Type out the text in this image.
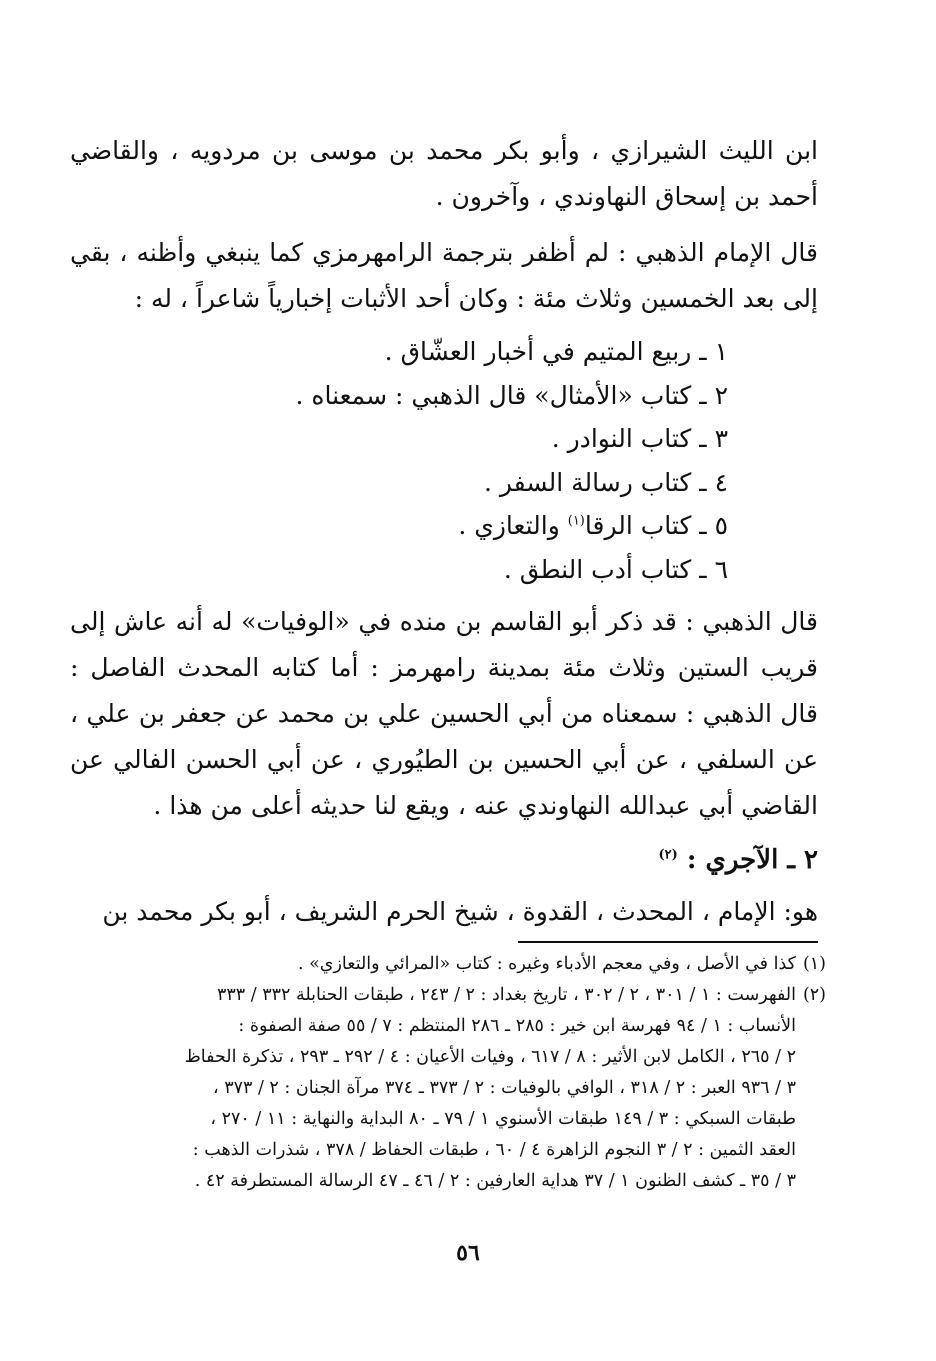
ابن الليث الشيرازي ، وأبو بكر محمد بن موسى بن مردويه ، والقاضي أحمد بن إسحاق النهاوندي ، وآخرون .

قال الإمام الذهبي : لم أظفر بترجمة الرامهرمزي كما ينبغي وأظنه ، بقي إلى بعد الخمسين وثلاث مئة : وكان أحد الأثبات إخبارياً شاعراً ، له :

١ ـ ربيع المتيم في أخبار العشّاق .
٢ ـ كتاب «الأمثال» قال الذهبي : سمعناه .
٣ ـ كتاب النوادر .
٤ ـ كتاب رسالة السفر .
٥ ـ كتاب الرقا$^{(١)}$ والتعازي .
٦ ـ كتاب أدب النطق .

قال الذهبي : قد ذكر أبو القاسم بن منده في «الوفيات» له أنه عاش إلى قريب الستين وثلاث مئة بمدينة رامهرمز : أما كتابه المحدث الفاصل : قال الذهبي : سمعناه من أبي الحسين علي بن محمد عن جعفر بن علي ، عن السلفي ، عن أبي الحسين بن الطيُوري ، عن أبي الحسن الفالي عن القاضي أبي عبدالله النهاوندي عنه ، ويقع لنا حديثه أعلى من هذا .

٢ ـ الآجري : $^{(٢)}$

هو: الإمام ، المحدث ، القدوة ، شيخ الحرم الشريف ، أبو بكر محمد بن

(١)كذا في الأصل ، وفي معجم الأدباء وغيره : كتاب «المرائي والتعازي» .

(٢)الفهرست : ١ / ٣٠١ ، ٢ / ٣٠٢ ، تاريخ بغداد : ٢ / ٢٤٣ ، طبقات الحنابلة ٣٣٢ / ٣٣٣

الأنساب : ١ / ٩٤ فهرسة ابن خير : ٢٨٥ ـ ٢٨٦ المنتظم : ٧ / ٥٥ صفة الصفوة :

٢ / ٢٦٥ ، الكامل لابن الأثير : ٨ / ٦١٧ ، وفيات الأعيان : ٤ / ٢٩٢ ـ ٢٩٣ ، تذكرة الحفاظ

٣ / ٩٣٦ العبر : ٢ / ٣١٨ ، الوافي بالوفيات : ٢ / ٣٧٣ ـ ٣٧٤ مرآة الجنان : ٢ / ٣٧٣ ،

طبقات السبكي : ٣ / ١٤٩ طبقات الأسنوي ١ / ٧٩ ـ ٨٠ البداية والنهاية : ١١ / ٢٧٠ ،

العقد الثمين : ٢ / ٣ النجوم الزاهرة ٤ / ٦٠ ، طبقات الحفاظ / ٣٧٨ ، شذرات الذهب :

٣ / ٣٥ ـ كشف الظنون ١ / ٣٧ هداية العارفين : ٢ / ٤٦ ـ ٤٧ الرسالة المستطرفة ٤٢ .

٥٦
